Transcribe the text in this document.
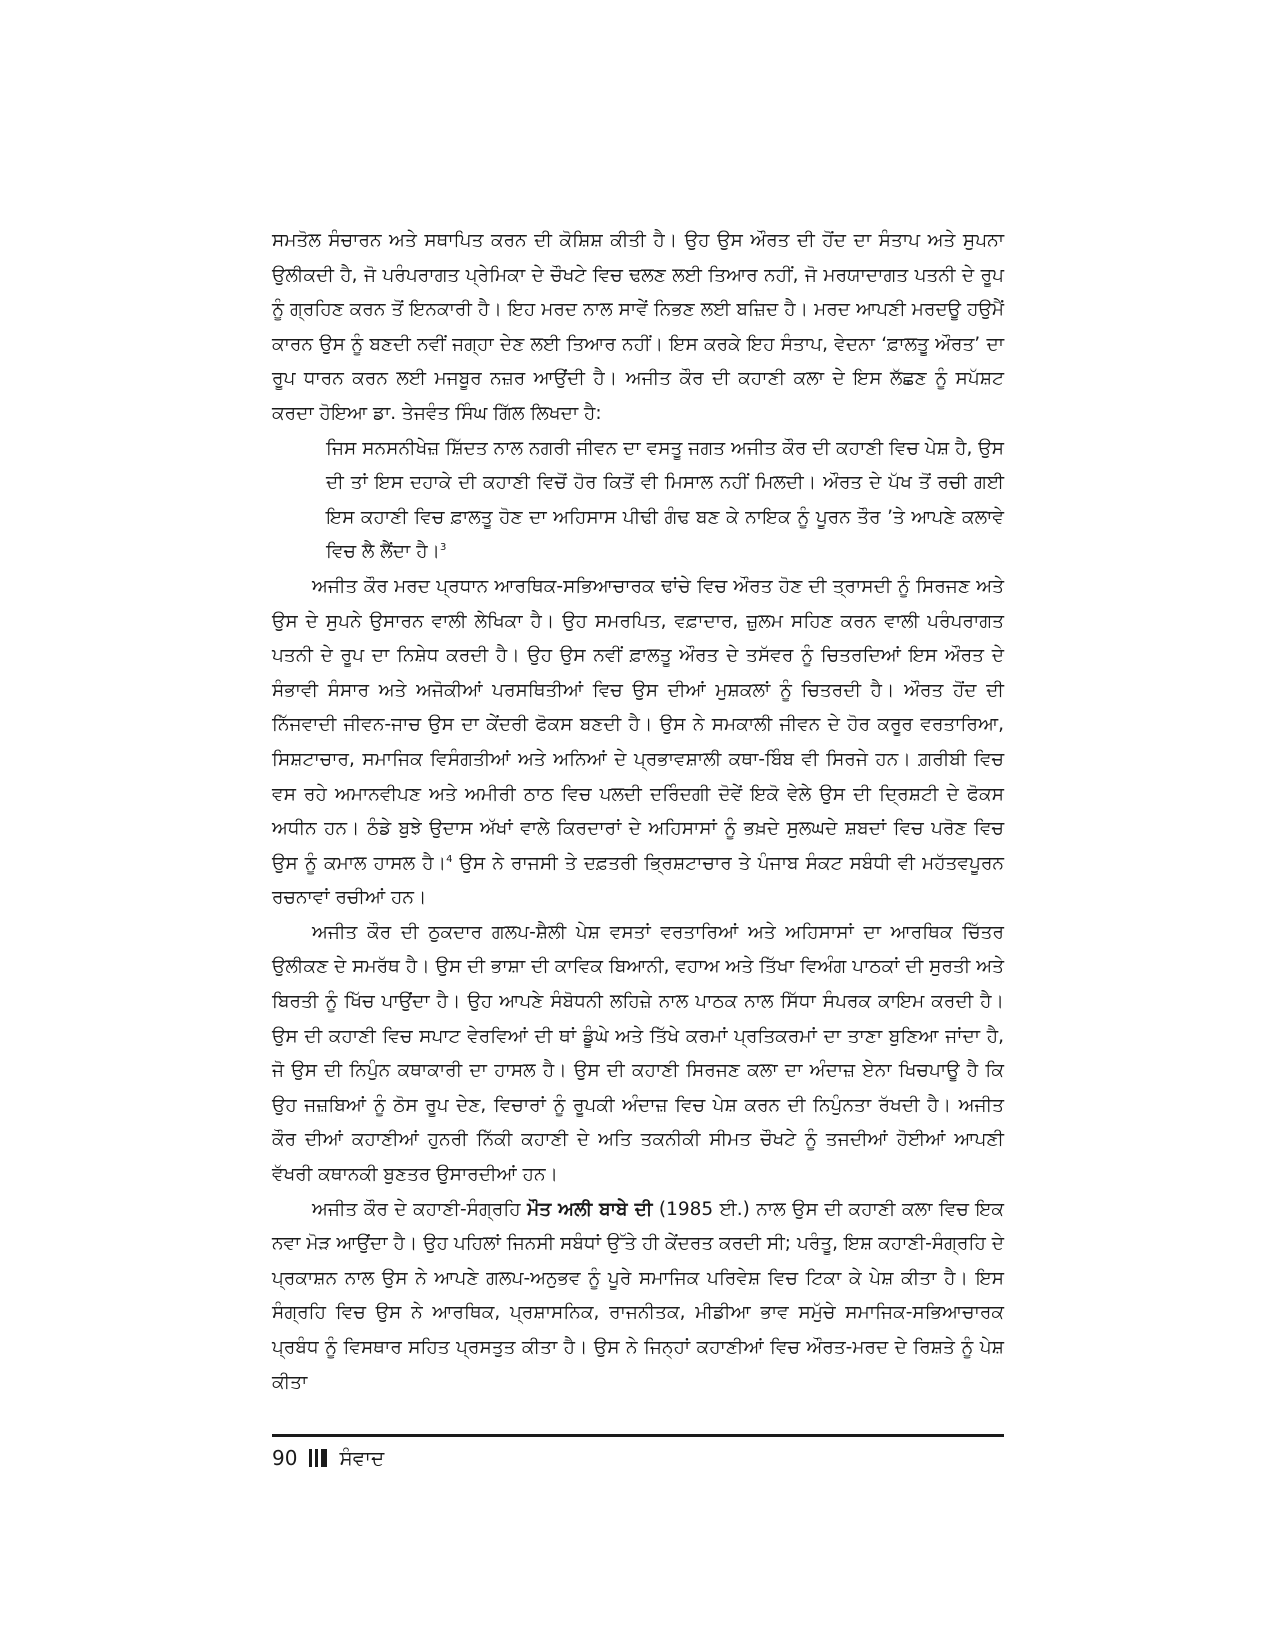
ਸਮਤੋਲ ਸੰਚਾਰਨ ਅਤੇ ਸਥਾਪਿਤ ਕਰਨ ਦੀ ਕੋਸ਼ਿਸ਼ ਕੀਤੀ ਹੈ। ਉਹ ਉਸ ਔਰਤ ਦੀ ਹੋਂਦ ਦਾ ਸੰਤਾਪ ਅਤੇ ਸੁਪਨਾ ਉਲੀਕਦੀ ਹੈ, ਜੋ ਪਰੰਪਰਾਗਤ ਪ੍ਰੇਮਿਕਾ ਦੇ ਚੌਖਟੇ ਵਿਚ ਢਲਣ ਲਈ ਤਿਆਰ ਨਹੀਂ, ਜੋ ਮਰਯਾਦਾਗਤ ਪਤਨੀ ਦੇ ਰੂਪ ਨੂੰ ਗ੍ਰਹਿਣ ਕਰਨ ਤੋਂ ਇਨਕਾਰੀ ਹੈ। ਇਹ ਮਰਦ ਨਾਲ ਸਾਵੇਂ ਨਿਭਣ ਲਈ ਬਜ਼ਿਦ ਹੈ। ਮਰਦ ਆਪਣੀ ਮਰਦਊ ਹਉਮੈਂ ਕਾਰਨ ਉਸ ਨੂੰ ਬਣਦੀ ਨਵੀਂ ਜਗ੍ਹਾ ਦੇਣ ਲਈ ਤਿਆਰ ਨਹੀਂ। ਇਸ ਕਰਕੇ ਇਹ ਸੰਤਾਪ, ਵੇਦਨਾ ‘ਫ਼ਾਲਤੂ ਔਰਤ’ ਦਾ ਰੂਪ ਧਾਰਨ ਕਰਨ ਲਈ ਮਜਬੂਰ ਨਜ਼ਰ ਆਉਂਦੀ ਹੈ। ਅਜੀਤ ਕੌਰ ਦੀ ਕਹਾਣੀ ਕਲਾ ਦੇ ਇਸ ਲੱਛਣ ਨੂੰ ਸਪੱਸ਼ਟ ਕਰਦਾ ਹੋਇਆ ਡਾ. ਤੇਜਵੰਤ ਸਿੰਘ ਗਿੱਲ ਲਿਖਦਾ ਹੈ:

ਜਿਸ ਸਨਸਨੀਖੇਜ਼ ਸ਼ਿੱਦਤ ਨਾਲ ਨਗਰੀ ਜੀਵਨ ਦਾ ਵਸਤੂ ਜਗਤ ਅਜੀਤ ਕੌਰ ਦੀ ਕਹਾਣੀ ਵਿਚ ਪੇਸ਼ ਹੈ, ਉਸ ਦੀ ਤਾਂ ਇਸ ਦਹਾਕੇ ਦੀ ਕਹਾਣੀ ਵਿਚੋਂ ਹੋਰ ਕਿਤੋਂ ਵੀ ਮਿਸਾਲ ਨਹੀਂ ਮਿਲਦੀ। ਔਰਤ ਦੇ ਪੱਖ ਤੋਂ ਰਚੀ ਗਈ ਇਸ ਕਹਾਣੀ ਵਿਚ ਫ਼ਾਲਤੂ ਹੋਣ ਦਾ ਅਹਿਸਾਸ ਪੀਢੀ ਗੰਢ ਬਣ ਕੇ ਨਾਇਕ ਨੂੰ ਪੂਰਨ ਤੌਰ ’ਤੇ ਆਪਣੇ ਕਲਾਵੇ ਵਿਚ ਲੈ ਲੈਂਦਾ ਹੈ।$^3$

ਅਜੀਤ ਕੌਰ ਮਰਦ ਪ੍ਰਧਾਨ ਆਰਥਿਕ-ਸਭਿਆਚਾਰਕ ਢਾਂਚੇ ਵਿਚ ਔਰਤ ਹੋਣ ਦੀ ਤ੍ਰਾਸਦੀ ਨੂੰ ਸਿਰਜਣ ਅਤੇ ਉਸ ਦੇ ਸੁਪਨੇ ਉਸਾਰਨ ਵਾਲੀ ਲੇਖਿਕਾ ਹੈ। ਉਹ ਸਮਰਪਿਤ, ਵਫ਼ਾਦਾਰ, ਜ਼ੁਲਮ ਸਹਿਣ ਕਰਨ ਵਾਲੀ ਪਰੰਪਰਾਗਤ ਪਤਨੀ ਦੇ ਰੂਪ ਦਾ ਨਿਸ਼ੇਧ ਕਰਦੀ ਹੈ। ਉਹ ਉਸ ਨਵੀਂ ਫ਼ਾਲਤੂ ਔਰਤ ਦੇ ਤਸੱਵਰ ਨੂੰ ਚਿਤਰਦਿਆਂ ਇਸ ਔਰਤ ਦੇ ਸੰਭਾਵੀ ਸੰਸਾਰ ਅਤੇ ਅਜੋਕੀਆਂ ਪਰਸਥਿਤੀਆਂ ਵਿਚ ਉਸ ਦੀਆਂ ਮੁਸ਼ਕਲਾਂ ਨੂੰ ਚਿਤਰਦੀ ਹੈ। ਔਰਤ ਹੋਂਦ ਦੀ ਨਿੱਜਵਾਦੀ ਜੀਵਨ-ਜਾਚ ਉਸ ਦਾ ਕੇਂਦਰੀ ਫੋਕਸ ਬਣਦੀ ਹੈ। ਉਸ ਨੇ ਸਮਕਾਲੀ ਜੀਵਨ ਦੇ ਹੋਰ ਕਰੂਰ ਵਰਤਾਰਿਆ, ਸਿਸ਼ਟਾਚਾਰ, ਸਮਾਜਿਕ ਵਿਸੰਗਤੀਆਂ ਅਤੇ ਅਨਿਆਂ ਦੇ ਪ੍ਰਭਾਵਸ਼ਾਲੀ ਕਥਾ-ਬਿੰਬ ਵੀ ਸਿਰਜੇ ਹਨ। ਗ਼ਰੀਬੀ ਵਿਚ ਵਸ ਰਹੇ ਅਮਾਨਵੀਪਣ ਅਤੇ ਅਮੀਰੀ ਠਾਠ ਵਿਚ ਪਲਦੀ ਦਰਿੰਦਗੀ ਦੋਵੇਂ ਇਕੋ ਵੇਲੇ ਉਸ ਦੀ ਦ੍ਰਿਸ਼ਟੀ ਦੇ ਫੋਕਸ ਅਧੀਨ ਹਨ। ਠੰਡੇ ਬੁਝੇ ਉਦਾਸ ਅੱਖਾਂ ਵਾਲੇ ਕਿਰਦਾਰਾਂ ਦੇ ਅਹਿਸਾਸਾਂ ਨੂੰ ਭਖ਼ਦੇ ਸੁਲਘਦੇ ਸ਼ਬਦਾਂ ਵਿਚ ਪਰੋਣ ਵਿਚ ਉਸ ਨੂੰ ਕਮਾਲ ਹਾਸਲ ਹੈ।$^4$ ਉਸ ਨੇ ਰਾਜਸੀ ਤੇ ਦਫ਼ਤਰੀ ਭ੍ਰਿਸ਼ਟਾਚਾਰ ਤੇ ਪੰਜਾਬ ਸੰਕਟ ਸਬੰਧੀ ਵੀ ਮਹੱਤਵਪੂਰਨ ਰਚਨਾਵਾਂ ਰਚੀਆਂ ਹਨ।

ਅਜੀਤ ਕੌਰ ਦੀ ਠੁਕਦਾਰ ਗਲਪ-ਸ਼ੈਲੀ ਪੇਸ਼ ਵਸਤਾਂ ਵਰਤਾਰਿਆਂ ਅਤੇ ਅਹਿਸਾਸਾਂ ਦਾ ਆਰਥਿਕ ਚਿੱਤਰ ਉਲੀਕਣ ਦੇ ਸਮਰੱਥ ਹੈ। ਉਸ ਦੀ ਭਾਸ਼ਾ ਦੀ ਕਾਵਿਕ ਬਿਆਨੀ, ਵਹਾਅ ਅਤੇ ਤਿੱਖਾ ਵਿਅੰਗ ਪਾਠਕਾਂ ਦੀ ਸੁਰਤੀ ਅਤੇ ਬਿਰਤੀ ਨੂੰ ਖਿੱਚ ਪਾਉਂਦਾ ਹੈ। ਉਹ ਆਪਣੇ ਸੰਬੋਧਨੀ ਲਹਿਜ਼ੇ ਨਾਲ ਪਾਠਕ ਨਾਲ ਸਿੱਧਾ ਸੰਪਰਕ ਕਾਇਮ ਕਰਦੀ ਹੈ। ਉਸ ਦੀ ਕਹਾਣੀ ਵਿਚ ਸਪਾਟ ਵੇਰਵਿਆਂ ਦੀ ਥਾਂ ਡੂੰਘੇ ਅਤੇ ਤਿੱਖੇ ਕਰਮਾਂ ਪ੍ਰਤਿਕਰਮਾਂ ਦਾ ਤਾਣਾ ਬੁਣਿਆ ਜਾਂਦਾ ਹੈ, ਜੋ ਉਸ ਦੀ ਨਿਪੁੰਨ ਕਥਾਕਾਰੀ ਦਾ ਹਾਸਲ ਹੈ। ਉਸ ਦੀ ਕਹਾਣੀ ਸਿਰਜਣ ਕਲਾ ਦਾ ਅੰਦਾਜ਼ ਏਨਾ ਖਿਚਪਾਊ ਹੈ ਕਿ ਉਹ ਜਜ਼ਬਿਆਂ ਨੂੰ ਠੋਸ ਰੂਪ ਦੇਣ, ਵਿਚਾਰਾਂ ਨੂੰ ਰੂਪਕੀ ਅੰਦਾਜ਼ ਵਿਚ ਪੇਸ਼ ਕਰਨ ਦੀ ਨਿਪੁੰਨਤਾ ਰੱਖਦੀ ਹੈ। ਅਜੀਤ ਕੌਰ ਦੀਆਂ ਕਹਾਣੀਆਂ ਹੁਨਰੀ ਨਿੱਕੀ ਕਹਾਣੀ ਦੇ ਅਤਿ ਤਕਨੀਕੀ ਸੀਮਤ ਚੌਖਟੇ ਨੂੰ ਤਜਦੀਆਂ ਹੋਈਆਂ ਆਪਣੀ ਵੱਖਰੀ ਕਥਾਨਕੀ ਬੁਣਤਰ ਉਸਾਰਦੀਆਂ ਹਨ।

ਅਜੀਤ ਕੌਰ ਦੇ ਕਹਾਣੀ-ਸੰਗ੍ਰਹਿ ਮੌਤ ਅਲੀ ਬਾਬੇ ਦੀ (1985 ਈ.) ਨਾਲ ਉਸ ਦੀ ਕਹਾਣੀ ਕਲਾ ਵਿਚ ਇਕ ਨਵਾ ਮੋੜ ਆਉਂਦਾ ਹੈ। ਉਹ ਪਹਿਲਾਂ ਜਿਨਸੀ ਸਬੰਧਾਂ ਉੱਤੇ ਹੀ ਕੇਂਦਰਤ ਕਰਦੀ ਸੀ; ਪਰੰਤੂ, ਇਸ਼ ਕਹਾਣੀ-ਸੰਗ੍ਰਹਿ ਦੇ ਪ੍ਰਕਾਸ਼ਨ ਨਾਲ ਉਸ ਨੇ ਆਪਣੇ ਗਲਪ-ਅਨੁਭਵ ਨੂੰ ਪੂਰੇ ਸਮਾਜਿਕ ਪਰਿਵੇਸ਼ ਵਿਚ ਟਿਕਾ ਕੇ ਪੇਸ਼ ਕੀਤਾ ਹੈ। ਇਸ ਸੰਗ੍ਰਹਿ ਵਿਚ ਉਸ ਨੇ ਆਰਥਿਕ, ਪ੍ਰਸ਼ਾਸਨਿਕ, ਰਾਜਨੀਤਕ, ਮੀਡੀਆ ਭਾਵ ਸਮੁੱਚੇ ਸਮਾਜਿਕ-ਸਭਿਆਚਾਰਕ ਪ੍ਰਬੰਧ ਨੂੰ ਵਿਸਥਾਰ ਸਹਿਤ ਪ੍ਰਸਤੁਤ ਕੀਤਾ ਹੈ। ਉਸ ਨੇ ਜਿਨ੍ਹਾਂ ਕਹਾਣੀਆਂ ਵਿਚ ਔਰਤ-ਮਰਦ ਦੇ ਰਿਸ਼ਤੇ ਨੂੰ ਪੇਸ਼ ਕੀਤਾ

90 ਸੰਵਾਦ
